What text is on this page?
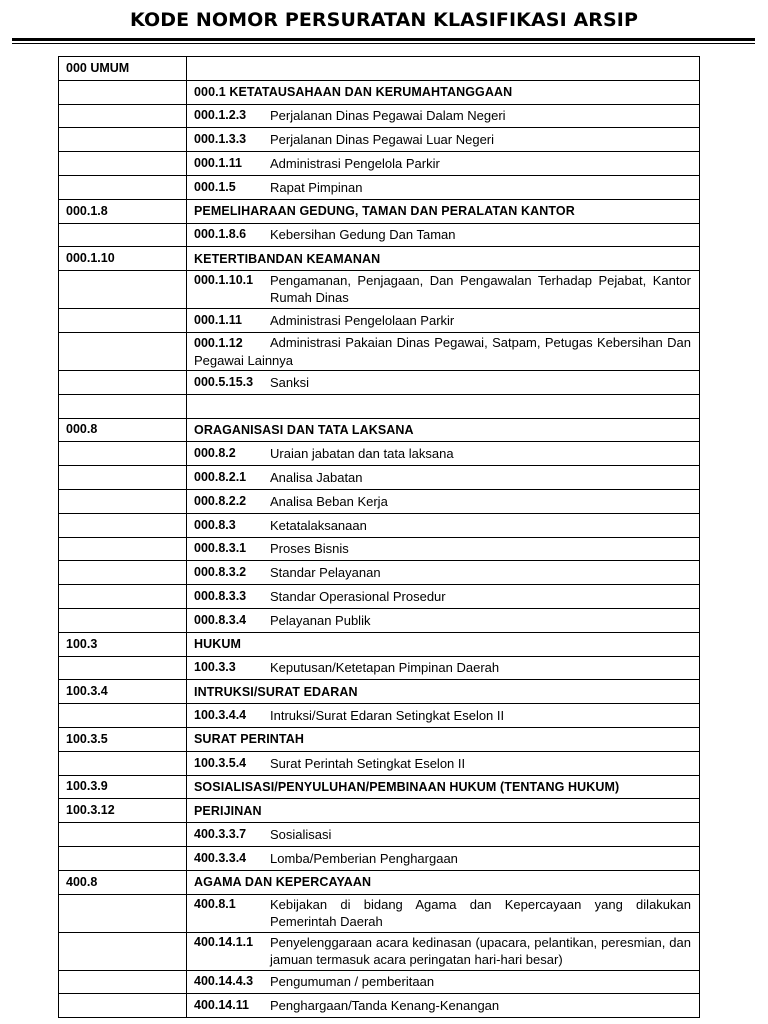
KODE NOMOR PERSURATAN KLASIFIKASI ARSIP
000 UMUM	
	000.1 KETATAUSAHAAN DAN KERUMAHTANGGAAN

	000.1.2.3 Perjalanan Dinas Pegawai Dalam Negeri

	000.1.3.3 Perjalanan Dinas Pegawai Luar Negeri

	000.1.11 Administrasi Pengelola Parkir

	000.1.5 Rapat Pimpinan

000.1.8	PEMELIHARAAN GEDUNG, TAMAN DAN PERALATAN KANTOR

	000.1.8.6 Kebersihan Gedung Dan Taman

000.1.10	KETERTIBANDAN KEAMANAN

	000.1.10.1 Pengamanan, Penjagaan, Dan Pengawalan Terhadap Pejabat, Kantor Rumah Dinas

	000.1.11 Administrasi Pengelolaan Parkir

	000.1.12 Administrasi Pakaian Dinas Pegawai, Satpam, Petugas Kebersihan Dan Pegawai Lainnya

	000.5.15.3 Sanksi

000.8	ORAGANISASI DAN TATA LAKSANA

	000.8.2 Uraian jabatan dan tata laksana

	000.8.2.1 Analisa Jabatan

	000.8.2.2 Analisa Beban Kerja

	000.8.3 Ketatalaksanaan

	000.8.3.1 Proses Bisnis

	000.8.3.2 Standar Pelayanan

	000.8.3.3 Standar Operasional Prosedur

	000.8.3.4 Pelayanan Publik

100.3	HUKUM

	100.3.3 Keputusan/Ketetapan Pimpinan Daerah

100.3.4	INTRUKSI/SURAT EDARAN

	100.3.4.4 Intruksi/Surat Edaran Setingkat Eselon II

100.3.5	SURAT PERINTAH

	100.3.5.4 Surat Perintah Setingkat Eselon II

100.3.9	SOSIALISASI/PENYULUHAN/PEMBINAAN HUKUM (TENTANG HUKUM)
100.3.12	PERIJINAN

	400.3.3.7 Sosialisasi

	400.3.3.4 Lomba/Pemberian Penghargaan

400.8	AGAMA DAN KEPERCAYAAN

	400.8.1 Kebijakan di bidang Agama dan Kepercayaan yang dilakukan Pemerintah Daerah

	400.14.1.1 Penyelenggaraan acara kedinasan (upacara, pelantikan, peresmian, dan jamuan termasuk acara peringatan hari-hari besar)

	400.14.4.3 Pengumuman / pemberitaan

	400.14.11 Penghargaan/Tanda Kenang-Kenangan
